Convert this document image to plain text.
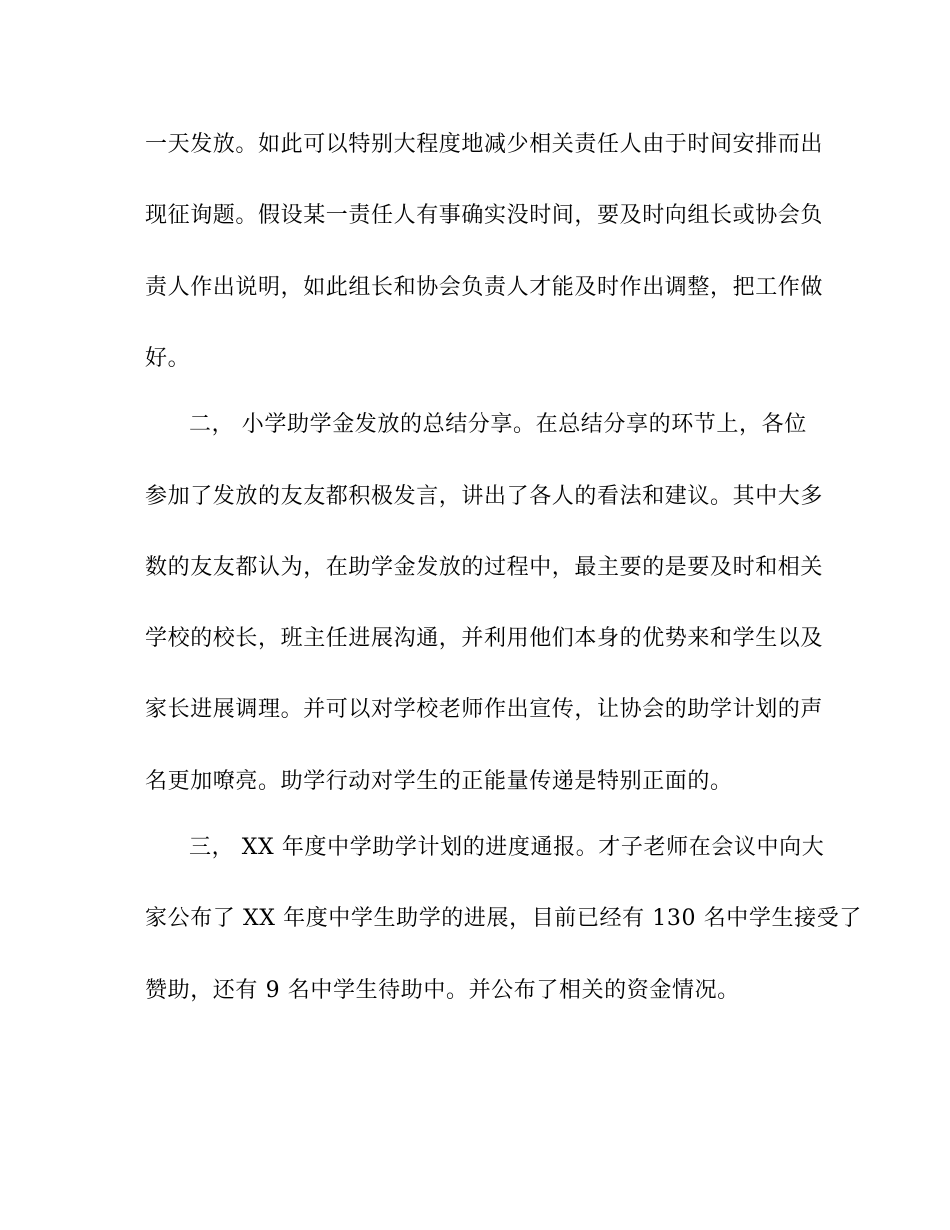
一天发放。如此可以特别大程度地减少相关责任人由于时间安排而出
现征询题。假设某一责任人有事确实没时间，要及时向组长或协会负
责人作出说明，如此组长和协会负责人才能及时作出调整，把工作做
好。
二， 小学助学金发放的总结分享。在总结分享的环节上，各位
参加了发放的友友都积极发言，讲出了各人的看法和建议。其中大多
数的友友都认为，在助学金发放的过程中，最主要的是要及时和相关
学校的校长，班主任进展沟通，并利用他们本身的优势来和学生以及
家长进展调理。并可以对学校老师作出宣传，让协会的助学计划的声
名更加嘹亮。助学行动对学生的正能量传递是特别正面的。
三， XX 年度中学助学计划的进度通报。才子老师在会议中向大
家公布了 XX 年度中学生助学的进展，目前已经有 130 名中学生接受了
赞助，还有 9 名中学生待助中。并公布了相关的资金情况。
